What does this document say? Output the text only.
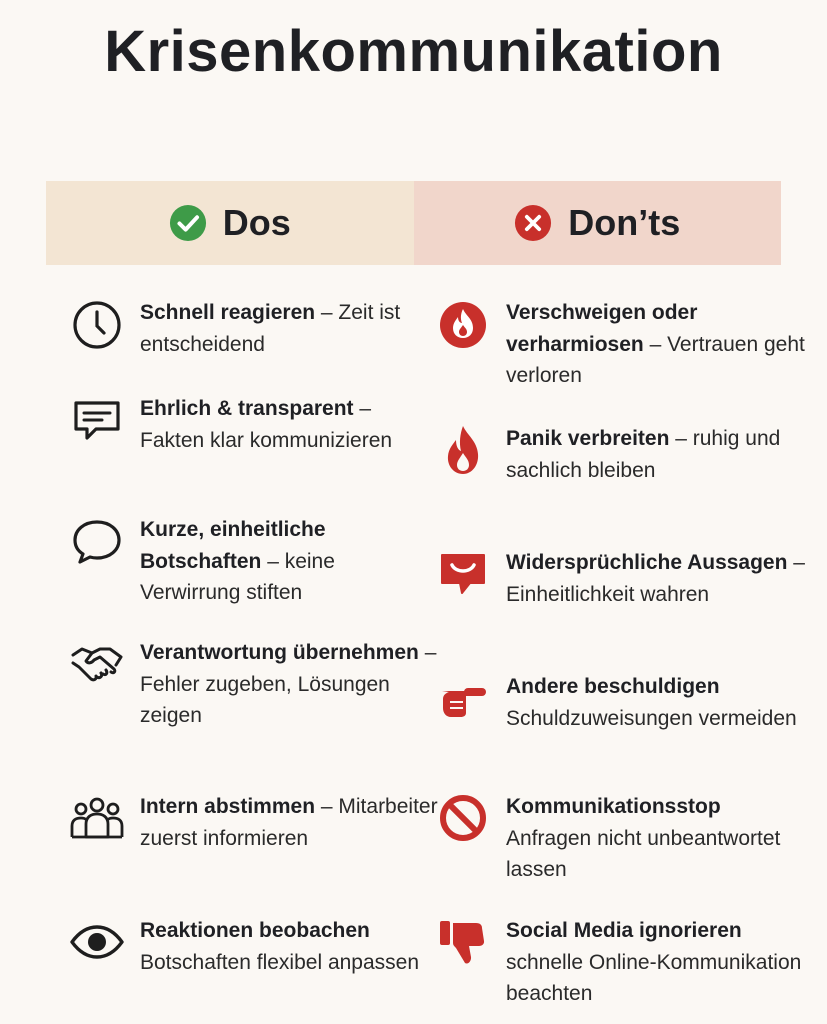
Krisenkommunikation
Dos	Don’ts
Schnell reagieren – Zeit ist entscheidend
Ehrlich & transparent – Fakten klar kommunizieren
Kurze, einheitliche Botschaften – keine Verwirrung stiften
Verantwortung übernehmen – Fehler zugeben, Lösungen zeigen
Intern abstimmen – Mitarbeiter zuerst informieren
Reaktionen beobachen Botschaften flexibel anpassen
Verschweigen oder verharmiosen – Vertrauen geht verloren
Panik verbreiten – ruhig und sachlich bleiben
Widersprüchliche Aussagen – Einheitlichkeit wahren
Andere beschuldigen Schuldzuweisungen vermeiden
Kommunikationsstop Anfragen nicht unbeantwortet lassen
Social Media ignorieren schnelle Online-Kommunikation beachten
